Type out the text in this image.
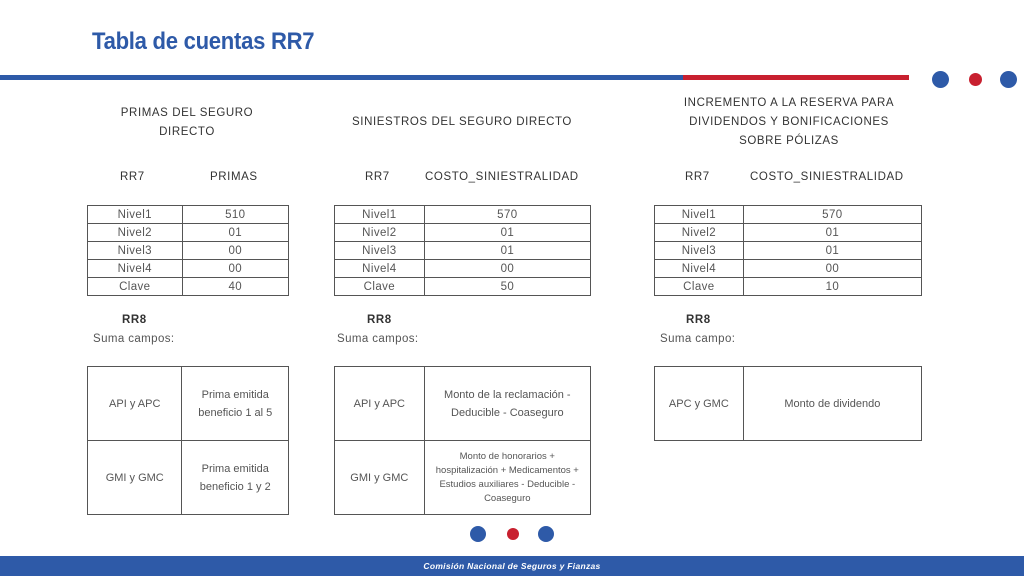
Tabla de cuentas RR7
PRIMAS DEL SEGURO
DIRECTO
RR7	PRIMAS
Nivel1	510
Nivel2	01
Nivel3	00
Nivel4	00
Clave	40
RR8
Suma campos:
API y APC	Prima emitida beneficio 1 al 5
GMI y GMC	Prima emitida beneficio 1 y 2
SINIESTROS DEL SEGURO DIRECTO
RR7	COSTO_SINIESTRALIDAD
Nivel1	570
Nivel2	01
Nivel3	01
Nivel4	00
Clave	50
RR8
Suma campos:
API y APC	Monto de la reclamación - Deducible - Coaseguro
GMI y GMC	Monto de honorarios + hospitalización + Medicamentos + Estudios auxiliares - Deducible - Coaseguro
INCREMENTO A LA RESERVA PARA
DIVIDENDOS Y BONIFICACIONES
SOBRE PÓLIZAS
RR7	COSTO_SINIESTRALIDAD
Nivel1	570
Nivel2	01
Nivel3	01
Nivel4	00
Clave	10
RR8
Suma campo:
APC y GMC	Monto de dividendo
Comisión Nacional de Seguros y Fianzas
